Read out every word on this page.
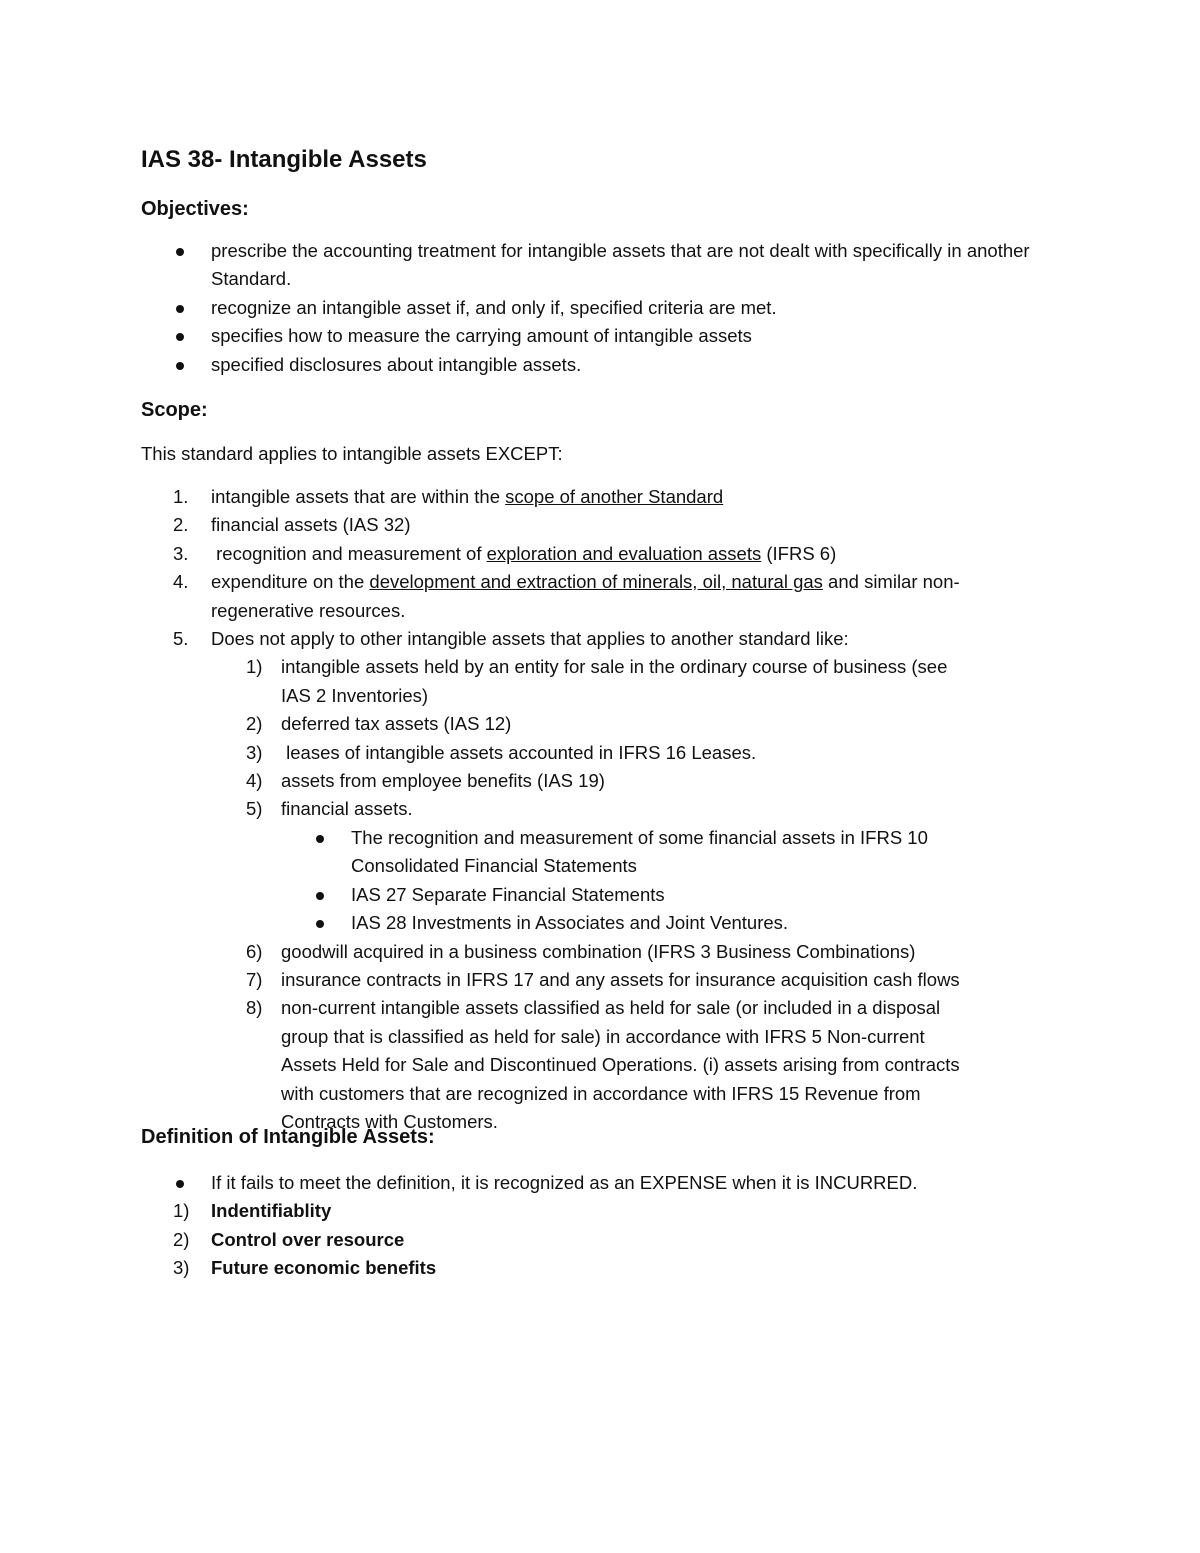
IAS 38- Intangible Assets
Objectives:
prescribe the accounting treatment for intangible assets that are not dealt with specifically in another Standard.
recognize an intangible asset if, and only if, specified criteria are met.
specifies how to measure the carrying amount of intangible assets
specified disclosures about intangible assets.
Scope:
This standard applies to intangible assets EXCEPT:
1. intangible assets that are within the scope of another Standard
2. financial assets (IAS 32)
3. recognition and measurement of exploration and evaluation assets (IFRS 6)
4. expenditure on the development and extraction of minerals, oil, natural gas and similar non-regenerative resources.
5. Does not apply to other intangible assets that applies to another standard like:
1)	intangible assets held by an entity for sale in the ordinary course of business (see IAS 2 Inventories)
2)	deferred tax assets (IAS 12)
3)	leases of intangible assets accounted in IFRS 16 Leases.
4)	assets from employee benefits (IAS 19)
5)	financial assets.
The recognition and measurement of some financial assets in IFRS 10 Consolidated Financial Statements
IAS 27 Separate Financial Statements
IAS 28 Investments in Associates and Joint Ventures.
6)	goodwill acquired in a business combination (IFRS 3 Business Combinations)
7)	insurance contracts in IFRS 17 and any assets for insurance acquisition cash flows
8)	non-current intangible assets classified as held for sale (or included in a disposal group that is classified as held for sale) in accordance with IFRS 5 Non-current Assets Held for Sale and Discontinued Operations. (i) assets arising from contracts with customers that are recognized in accordance with IFRS 15 Revenue from Contracts with Customers.
Definition of Intangible Assets:
If it fails to meet the definition, it is recognized as an EXPENSE when it is INCURRED.
1) Indentifiablity
2) Control over resource
3) Future economic benefits
